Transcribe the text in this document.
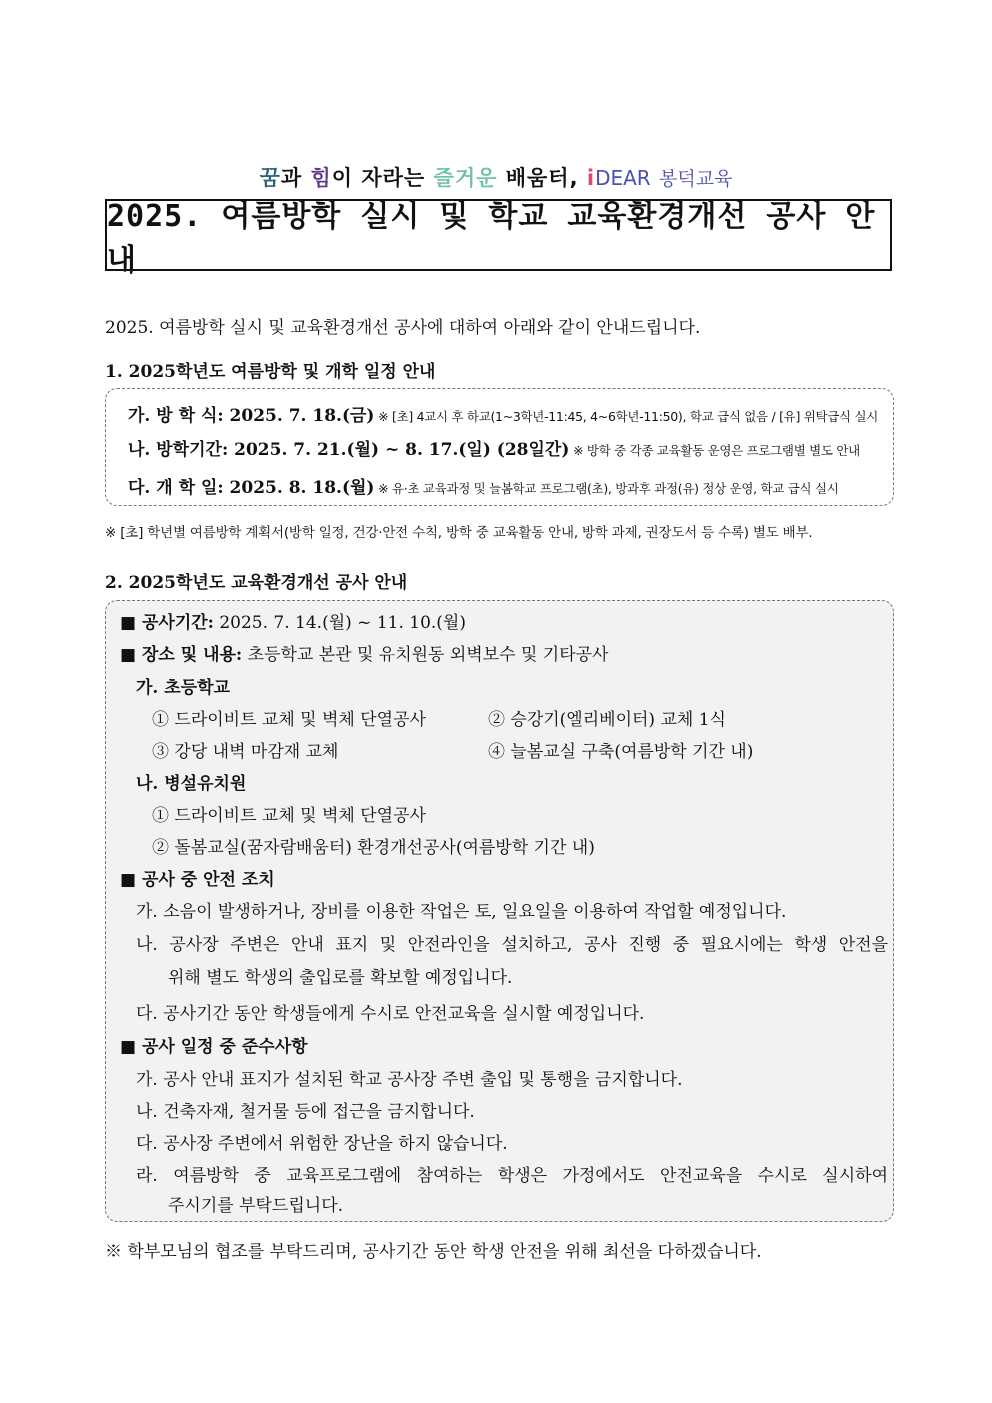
꿈과 힘이 자라는 즐거운 배움터, iDEAR 봉덕교육
2025. 여름방학 실시 및 학교 교육환경개선 공사 안내
2025. 여름방학 실시 및 교육환경개선 공사에 대하여 아래와 같이 안내드립니다.
1. 2025학년도 여름방학 및 개학 일정 안내
가. 방 학 식: 2025. 7. 18.(금) ※ [초] 4교시 후 하교(1~3학년-11:45, 4~6학년-11:50), 학교 급식 없음 / [유] 위탁급식 실시
나. 방학기간: 2025. 7. 21.(월) ~ 8. 17.(일) (28일간) ※ 방학 중 각종 교육활동 운영은 프로그램별 별도 안내
다. 개 학 일: 2025. 8. 18.(월) ※ 유·초 교육과정 및 늘봄학교 프로그램(초), 방과후 과정(유) 정상 운영, 학교 급식 실시
※ [초] 학년별 여름방학 계획서(방학 일정, 건강·안전 수칙, 방학 중 교육활동 안내, 방학 과제, 권장도서 등 수록) 별도 배부.
2. 2025학년도 교육환경개선 공사 안내
■ 공사기간: 2025. 7. 14.(월) ~ 11. 10.(월)
■ 장소 및 내용: 초등학교 본관 및 유치원동 외벽보수 및 기타공사
가. 초등학교
① 드라이비트 교체 및 벽체 단열공사	② 승강기(엘리베이터) 교체 1식
③ 강당 내벽 마감재 교체	④ 늘봄교실 구축(여름방학 기간 내)
나. 병설유치원
① 드라이비트 교체 및 벽체 단열공사
② 돌봄교실(꿈자람배움터) 환경개선공사(여름방학 기간 내)
■ 공사 중 안전 조치
가. 소음이 발생하거나, 장비를 이용한 작업은 토, 일요일을 이용하여 작업할 예정입니다.
나. 공사장 주변은 안내 표지 및 안전라인을 설치하고, 공사 진행 중 필요시에는 학생 안전을
위해 별도 학생의 출입로를 확보할 예정입니다.
다. 공사기간 동안 학생들에게 수시로 안전교육을 실시할 예정입니다.
■ 공사 일정 중 준수사항
가. 공사 안내 표지가 설치된 학교 공사장 주변 출입 및 통행을 금지합니다.
나. 건축자재, 철거물 등에 접근을 금지합니다.
다. 공사장 주변에서 위험한 장난을 하지 않습니다.
라. 여름방학 중 교육프로그램에 참여하는 학생은 가정에서도 안전교육을 수시로 실시하여
주시기를 부탁드립니다.
※ 학부모님의 협조를 부탁드리며, 공사기간 동안 학생 안전을 위해 최선을 다하겠습니다.
